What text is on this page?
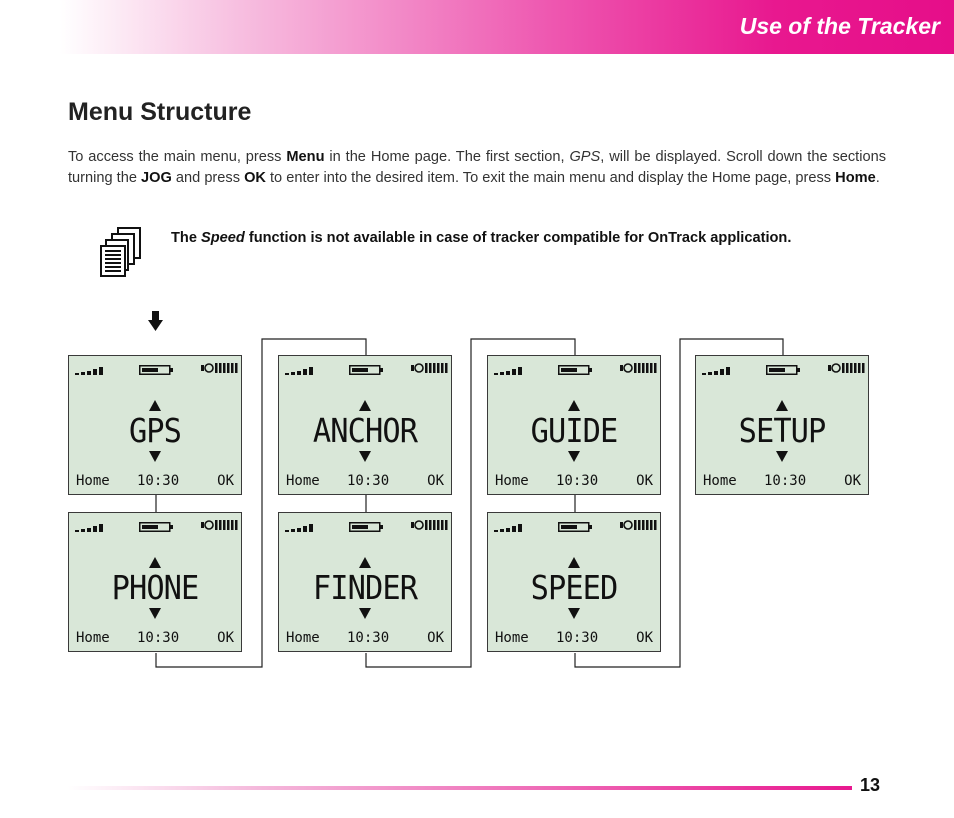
Use of the Tracker
Menu Structure

To access the main menu, press Menu in the Home page. The first section, GPS, will be displayed. Scroll down the sections turning the JOG and press OK to enter into the desired item. To exit the main menu and display the Home page, press Home.

The Speed function is not available in case of tracker compatible for OnTrack application.

GPS
Home 10:30	OK
PHONE
Home 10:30	OK
ANCHOR
Home 10:30	OK
FINDER
Home 10:30	OK
GUIDE
Home 10:30	OK
SPEED
Home 10:30	OK
SETUP
Home 10:30	OK
13
